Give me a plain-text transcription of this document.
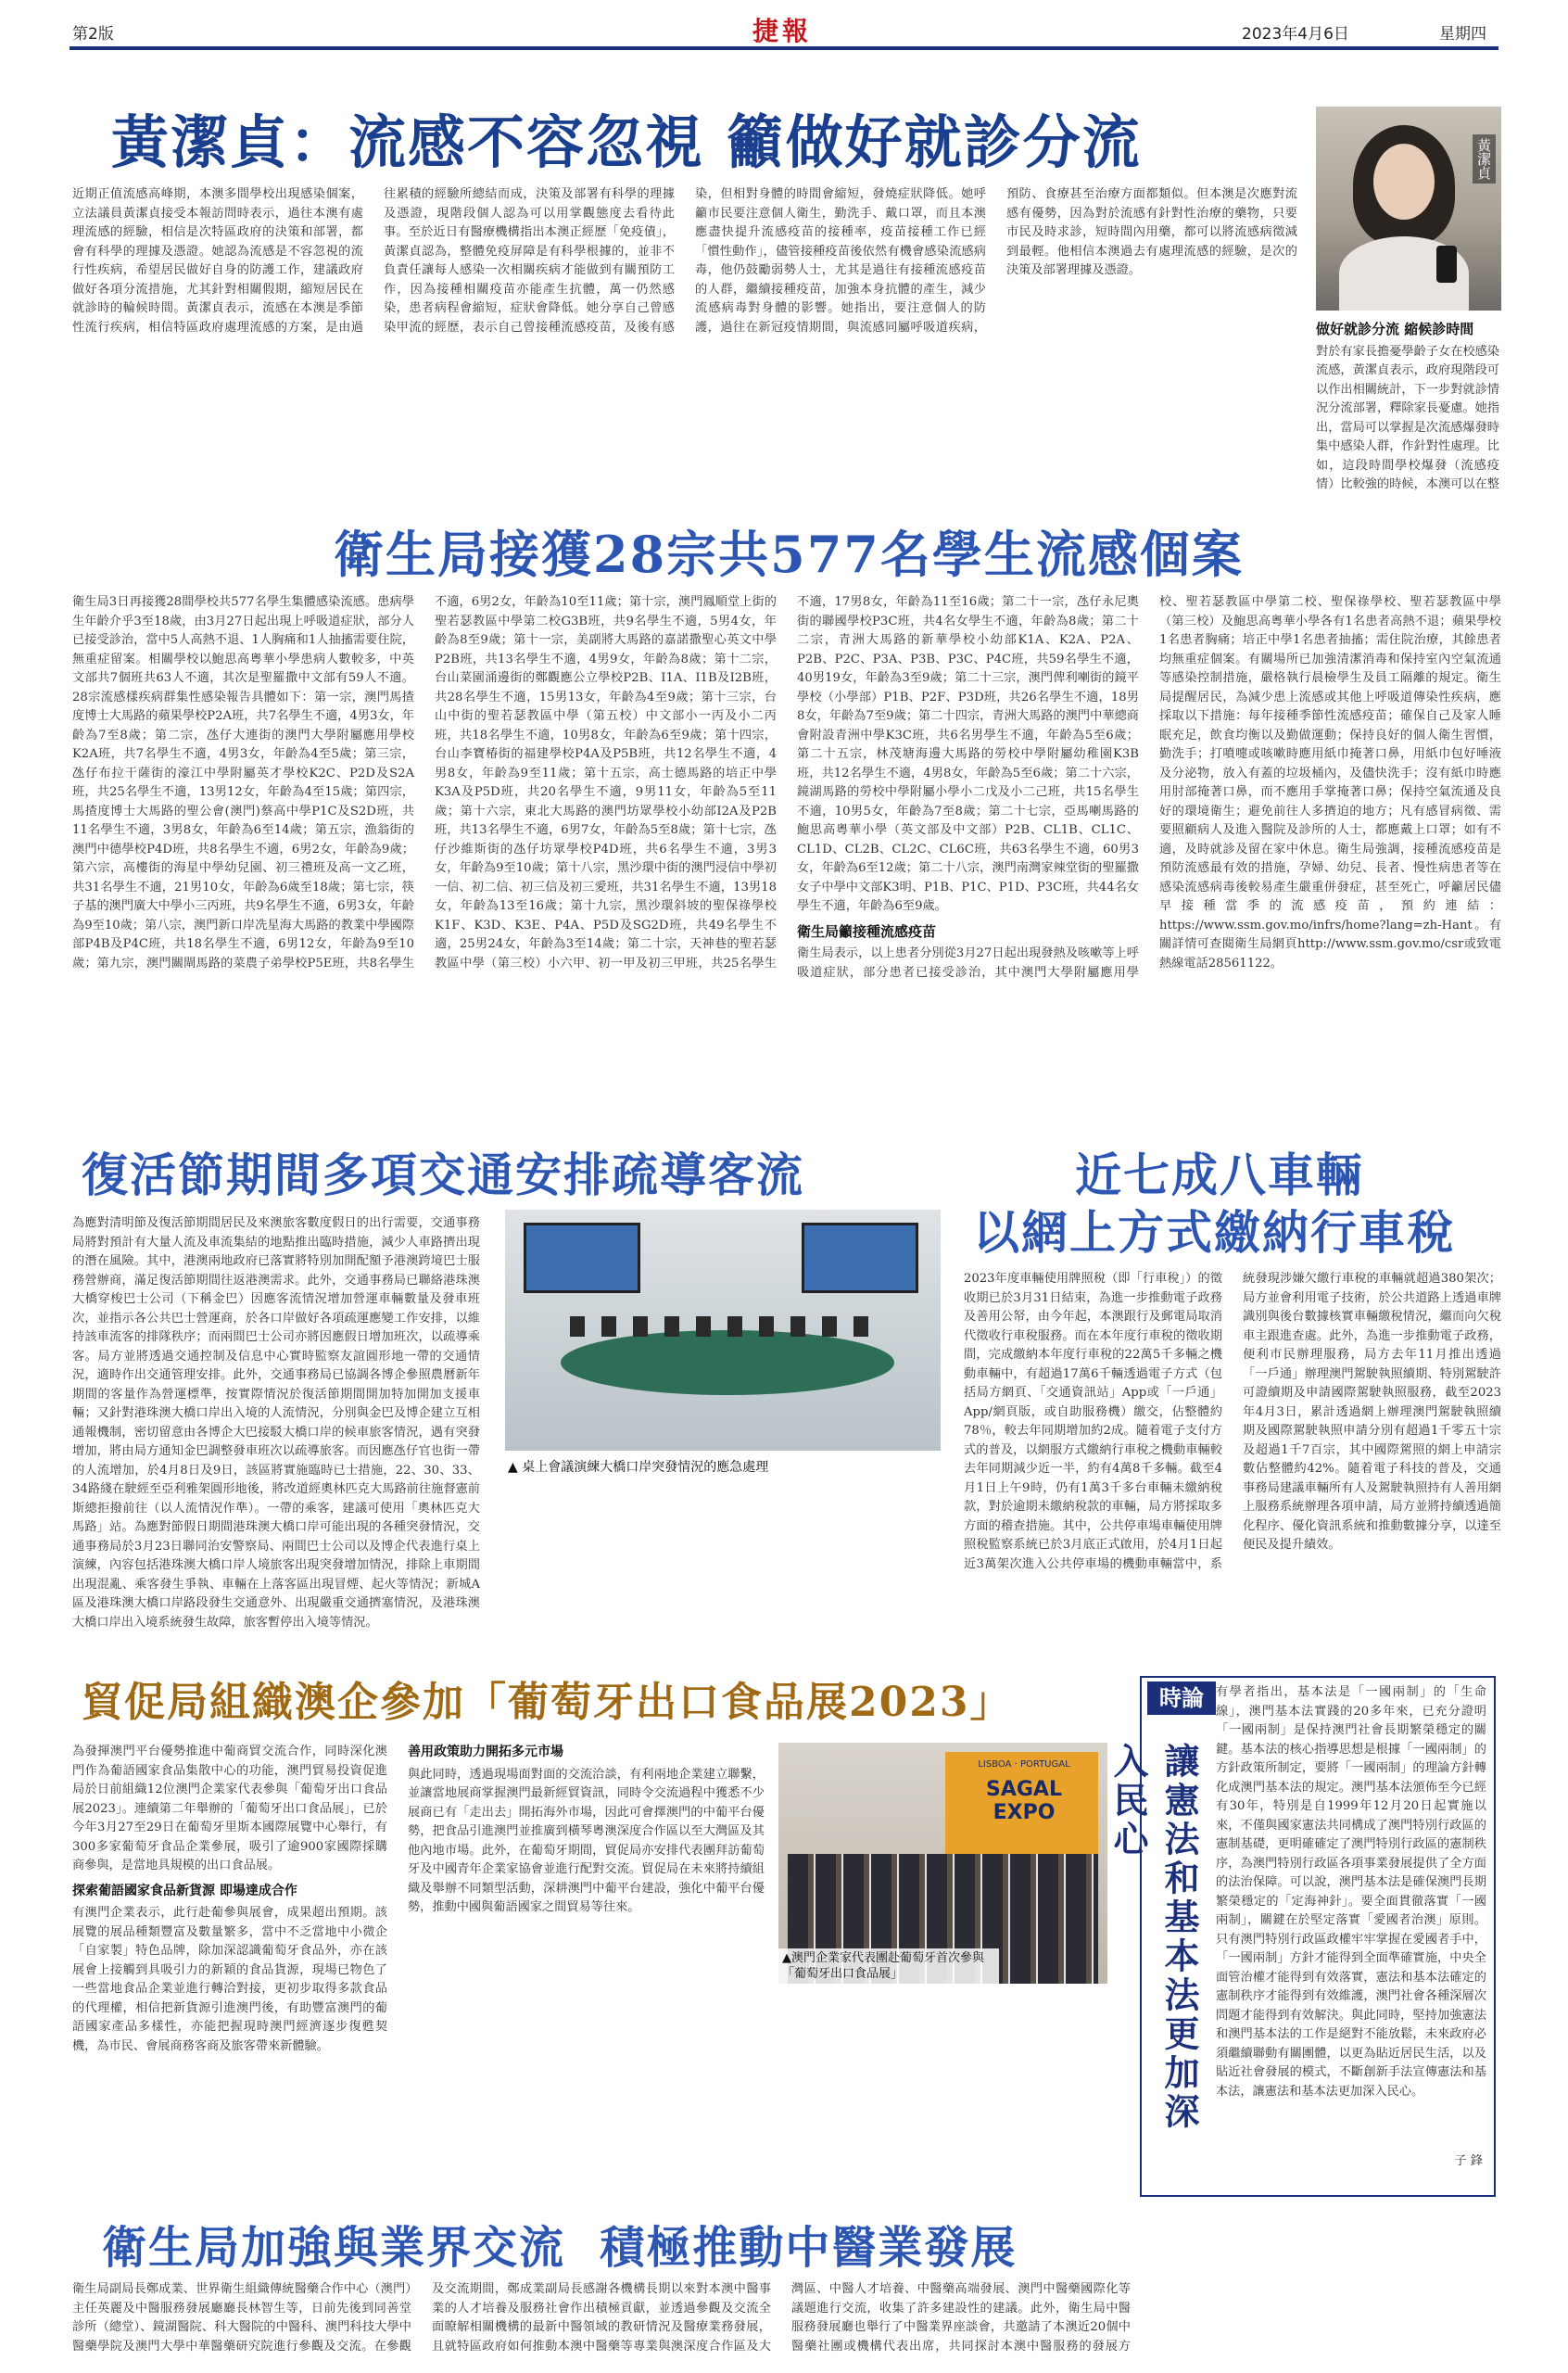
第2版	捷報	2023年4月6日	星期四
黃潔貞：流感不容忽視 籲做好就診分流	黃潔貞
近期正值流感高峰期，本澳多間學校出現感染個案，立法議員黃潔貞接受本報訪問時表示，過往本澳有處理流感的經驗，相信是次特區政府的決策和部署，都會有科學的理據及憑證。她認為流感是不容忽視的流行性疾病，希望居民做好自身的防護工作，建議政府做好各項分流措施，尤其針對相關假期，縮短居民在就診時的輪候時間。黃潔貞表示，流感在本澳是季節性流行疾病，相信特區政府處理流感的方案，是由過往累積的經驗所總結而成，決策及部署有科學的理據及憑證，現階段個人認為可以用掌觀態度去看待此事。至於近日有醫療機構指出本澳正經歷「免疫債」，黃潔貞認為，整體免疫屏障是有科學根據的，並非不負責任讓每人感染一次相關疾病才能做到有關預防工作，因為接種相關疫苗亦能產生抗體，萬一仍然感染，患者病程會縮短，症狀會降低。她分享自己曾感染甲流的經歷，表示自己曾接種流感疫苗，及後有感染，但相對身體的時間會縮短，發燒症狀降低。她呼籲市民要注意個人衛生，勤洗手、戴口罩，而且本澳應盡快提升流感疫苗的接種率，疫苗接種工作已經「慣性動作」，儘管接種疫苗後依然有機會感染流感病毒，他仍鼓勵弱勢人士，尤其是過往有接種流感疫苗的人群，繼續接種疫苗，加強本身抗體的產生，減少流感病毒對身體的影響。她指出，要注意個人的防護，過往在新冠疫情期間，與流感同屬呼吸道疾病，預防、食療甚至治療方面都類似。但本澳是次應對流感有優勢，因為對於流感有針對性治療的藥物，只要市民及時求診，短時間內用藥，都可以將流感病徵減到最輕。他相信本澳過去有處理流感的經驗，是次的決策及部署理據及憑證。
做好就診分流 縮候診時間
對於有家長擔憂學齡子女在校感染流感，黃潔貞表示，政府現階段可以作出相關統計，下一步對就診情況分流部署，釋除家長憂慮。她指出，當局可以掌握是次流感爆發時集中感染人群，作針對性處理。比如，這段時間學校爆發（流感疫情）比較強的時候，本澳可以在整
衛生局接獲28宗共577名學生流感個案
衛生局3日再接獲28間學校共577名學生集體感染流感。患病學生年齡介乎3至18歲，由3月27日起出現上呼吸道症狀，部分人已接受診治，當中5人高熱不退、1人胸痛和1人抽搐需要住院，無重症留案。相關學校以鮑思高粵華小學患病人數較多，中英文部共7個班共63人不適，其次是聖羅撒中文部有59人不適。28宗流感樣疾病群集性感染報告具體如下：第一宗，澳門馬揸度博士大馬路的蘋果學校P2A班，共7名學生不適，4男3女，年齡為7至8歲；第二宗，氹仔大連街的澳門大學附屬應用學校K2A班，共7名學生不適，4男3女，年齡為4至5歲；第三宗，氹仔布拉干薩街的濠江中學附屬英才學校K2C、P2D及S2A班，共25名學生不適，13男12女，年齡為4至15歲；第四宗，馬揸度博士大馬路的聖公會(澳門)蔡高中學P1C及S2D班，共11名學生不適，3男8女，年齡為6至14歲；第五宗，漁翁街的澳門中德學校P4D班，共8名學生不適，6男2女，年齡為9歲；第六宗，高樓街的海星中學幼兒園、初三禮班及高一文乙班，共31名學生不適，21男10女，年齡為6歲至18歲；第七宗，筷子基的澳門廣大中學小三丙班，共9名學生不適，6男3女，年齡為9至10歲；第八宗，澳門新口岸冼星海大馬路的教業中學國際部P4B及P4C班，共18名學生不適，6男12女，年齡為9至10歲；第九宗，澳門關閘馬路的菜農子弟學校P5E班，共8名學生不適，6男2女，年齡為10至11歲；第十宗，澳門鳳順堂上街的聖若瑟教區中學第二校G3B班，共9名學生不適，5男4女，年齡為8至9歲；第十一宗，美副將大馬路的嘉諾撒聖心英文中學P2B班，共13名學生不適，4男9女，年齡為8歲；第十二宗，台山菜園涌邊街的鄭觀應公立學校P2B、I1A、I1B及I2B班，共28名學生不適，15男13女，年齡為4至9歲；第十三宗，台山中街的聖若瑟教區中學（第五校）中文部小一丙及小二丙班，共18名學生不適，10男8女，年齡為6至9歲；第十四宗，台山李寶椿街的福建學校P4A及P5B班，共12名學生不適，4男8女，年齡為9至11歲；第十五宗，高士德馬路的培正中學K3A及P5D班，共20名學生不適，9男11女，年齡為5至11歲；第十六宗，東北大馬路的澳門坊眾學校小幼部I2A及P2B班，共13名學生不適，6男7女，年齡為5至8歲；第十七宗，氹仔沙維斯街的氹仔坊眾學校P4D班，共6名學生不適，3男3女，年齡為9至10歲；第十八宗，黑沙環中街的澳門浸信中學初一信、初二信、初三信及初三愛班，共31名學生不適，13男18女，年齡為13至16歲；第十九宗，黑沙環斜坡的聖保祿學校K1F、K3D、K3E、P4A、P5D及SG2D班，共49名學生不適，25男24女，年齡為3至14歲；第二十宗，天神巷的聖若瑟教區中學（第三校）小六甲、初一甲及初三甲班，共25名學生不適，17男8女，年齡為11至16歲；第二十一宗，氹仔永尼奧街的聯國學校P3C班，共4名女學生不適，年齡為8歲；第二十二宗，青洲大馬路的新華學校小幼部K1A、K2A、P2A、P2B、P2C、P3A、P3B、P3C、P4C班，共59名學生不適，40男19女，年齡為3至9歲；第二十三宗，澳門俾利喇街的鏡平學校（小學部）P1B、P2F、P3D班，共26名學生不適，18男8女，年齡為7至9歲；第二十四宗，青洲大馬路的澳門中華總商會附設青洲中學K3C班，共6名男學生不適，年齡為5至6歲；第二十五宗，林茂塘海邊大馬路的勞校中學附屬幼稚園K3B班，共12名學生不適，4男8女，年齡為5至6歲；第二十六宗，鏡湖馬路的勞校中學附屬小學小二戊及小二己班，共15名學生不適，10男5女，年齡為7至8歲；第二十七宗，亞馬喇馬路的鮑思高粵華小學（英文部及中文部）P2B、CL1B、CL1C、CL1D、CL2B、CL2C、CL6C班，共63名學生不適，60男3女，年齡為6至12歲；第二十八宗，澳門南灣家辣堂街的聖羅撒女子中學中文部K3明、P1B、P1C、P1D、P3C班，共44名女學生不適，年齡為6至9歲。
衛生局籲接種流感疫苗
衛生局表示，以上患者分別從3月27日起出現發熱及咳嗽等上呼吸道症狀，部分患者已接受診治，其中澳門大學附屬應用學校、聖若瑟教區中學第二校、聖保祿學校、聖若瑟教區中學（第三校）及鮑思高粵華小學各有1名患者高熱不退；蘋果學校1名患者胸痛；培正中學1名患者抽搐；需住院治療，其餘患者均無重症個案。有關場所已加強清潔消毒和保持室內空氣流通等感染控制措施，嚴格執行晨檢學生及員工隔離的規定。衛生局提醒居民，為減少患上流感或其他上呼吸道傳染性疾病，應採取以下措施：每年接種季節性流感疫苗；確保自己及家人睡眠充足，飲食均衡以及勤做運動；保持良好的個人衛生習慣，勤洗手；打噴嚏或咳嗽時應用紙巾掩著口鼻，用紙巾包好唾液及分泌物，放入有蓋的垃圾桶內，及儘快洗手；沒有紙巾時應用肘部掩著口鼻，而不應用手掌掩著口鼻；保持空氣流通及良好的環境衛生；避免前往人多擠迫的地方；凡有感冒病徵、需要照顧病人及進入醫院及診所的人士，都應戴上口罩；如有不適，及時就診及留在家中休息。衛生局強調，接種流感疫苗是預防流感最有效的措施，孕婦、幼兒、長者、慢性病患者等在感染流感病毒後較易產生嚴重併發症，甚至死亡，呼籲居民儘早接種當季的流感疫苗，預約連結：https://www.ssm.gov.mo/infrs/home?lang=zh-Hant。有關詳情可查閱衛生局網頁http://www.ssm.gov.mo/csr或致電熱線電話28561122。
復活節期間多項交通安排疏導客流
為應對清明節及復活節期間居民及來澳旅客數度假日的出行需要，交通事務局將對預計有大量人流及車流集結的地點推出臨時措施，減少人車路擠出現的潛在風險。其中，港澳兩地政府已落實將特別加開配額予港澳跨境巴士服務營辦商，滿足復活節期間往返港澳需求。此外，交通事務局已聯絡港珠澳大橋穿梭巴士公司（下稱金巴）因應客流情況增加營運車輛數量及發車班次，並指示各公共巴士營運商，於各口岸做好各項疏運應變工作安排，以維持該車流客的排隊秩序；而兩間巴士公司亦將因應假日增加班次，以疏導乘客。局方並將透過交通控制及信息中心實時監察友誼圓形地一帶的交通情況，適時作出交通管理安排。此外，交通事務局已協調各博企參照農曆新年期間的客量作為營運標準，按實際情況於復活節期間開加特加開加支援車輛；又針對港珠澳大橋口岸出入境的人流情況，分別與金巴及博企建立互相通報機制，密切留意由各博企大巴接駁大橋口岸的候車旅客情況，遇有突發增加，將由局方通知金巴調整發車班次以疏導旅客。而因應氹仔官也街一帶的人流增加，於4月8日及9日，該區將實施臨時已士措施，22、30、33、34路綫在駛經至亞利雅架圓形地後，將改道經奧林匹克大馬路前往施督憲前斯總拒撥前往（以人流情況作準）。一帶的乘客，建議可使用「奧林匹克大馬路」站。為應對節假日期間港珠澳大橋口岸可能出現的各種突發情況，交通事務局於3月23日聯同治安警察局、兩間巴士公司以及博企代表進行桌上演練，內容包括港珠澳大橋口岸人境旅客出現突發增加情況，排除上車期間出現混亂、乘客發生爭執、車輛在上落客區出現冒煙、起火等情況；新城A區及港珠澳大橋口岸路段發生交通意外、出現嚴重交通擠塞情況，及港珠澳大橋口岸出入境系統發生故障，旅客暫停出入境等情況。
▲ 桌上會議演練大橋口岸突發情況的應急處理
近七成八車輛
以網上方式繳納行車稅
2023年度車輛使用牌照稅（即「行車稅」）的徵收期已於3月31日結束，為進一步推動電子政務及善用公帑，由今年起，本澳跟行及郵電局取消代徵收行車稅服務。而在本年度行車稅的徵收期間，完成繳納本年度行車稅的22萬5千多輛之機動車輛中，有超過17萬6千輛透過電子方式（包括局方網頁、「交通資訊站」App或「一戶通」App/網頁版，或自助服務機）繳交，佔整體約78％，較去年同期增加約2成。隨着電子支付方式的普及，以網服方式繳納行車稅之機動車輛較去年同期減少近一半，約有4萬8千多輛。截至4月1日上午9時，仍有1萬3千多台車輛未繳納稅款，對於逾期未繳納稅款的車輛，局方將採取多方面的稽查措施。其中，公共停車場車輛使用牌照稅監察系統已於3月底正式啟用，於4月1日起近3萬架次進入公共停車場的機動車輛當中，系統發現涉嫌欠繳行車稅的車輛就超過380架次；局方並會利用電子技術，於公共道路上透過車牌識別與後台數據核實車輛繳稅情況，繼而向欠稅車主跟進查處。此外，為進一步推動電子政務，便利市民辦理服務，局方去年11月推出透過「一戶通」辦理澳門駕駛執照續期、特別駕駛許可證續期及申請國際駕駛執照服務，截至2023年4月3日，累計透過網上辦理澳門駕駛執照續期及國際駕駛執照申請分別有超過1千零五十宗及超過1千7百宗，其中國際駕照的網上申請宗數佔整體約42%。隨着電子科技的普及，交通事務局建議車輛所有人及駕駛執照持有人善用網上服務系統辦理各項申請，局方並將持續透過簡化程序、優化資訊系統和推動數據分享，以達至便民及提升績效。
貿促局組織澳企參加「葡萄牙出口食品展2023」
為發揮澳門平台優勢推進中葡商貿交流合作，同時深化澳門作為葡語國家食品集散中心的功能，澳門貿易投資促進局於日前組織12位澳門企業家代表參與「葡萄牙出口食品展2023」。連續第二年舉辦的「葡萄牙出口食品展」，已於今年3月27至29日在葡萄牙里斯本國際展覽中心舉行，有300多家葡萄牙食品企業參展，吸引了逾900家國際採購商參與，是當地具規模的出口食品展。
探索葡語國家食品新貨源 即場達成合作
有澳門企業表示，此行赴葡參與展會，成果超出預期。該展覽的展品種類豐富及數量繁多，當中不乏當地中小微企「自家製」特色品牌，除加深認識葡萄牙食品外，亦在該展會上接觸到具吸引力的新穎的食品貨源，現場已物色了一些當地食品企業並進行轉洽對接，更初步取得多款食品的代理權，相信把新貨源引進澳門後，有助豐富澳門的葡語國家產品多樣性，亦能把握現時澳門經濟逐步復甦契機，為市民、會展商務客商及旅客帶來新體驗。
善用政策助力開拓多元市場
與此同時，透過現場面對面的交流洽談，有利兩地企業建立聯繫，並讓當地展商掌握澳門最新經貿資訊，同時令交流過程中獲悉不少展商已有「走出去」開拓海外市場，因此可會擇澳門的中葡平台優勢，把食品引進澳門並推廣到橫琴粵澳深度合作區以至大灣區及其他內地市場。此外，在葡萄牙期間，貿促局亦安排代表團拜訪葡萄牙及中國青年企業家協會並進行配對交流。貿促局在未來將持續組織及舉辦不同類型活動，深耕澳門中葡平台建設，強化中葡平台優勢，推動中國與葡語國家之間貿易等往來。
SAGAL EXPO
LISBOA · PORTUGAL
▲澳門企業家代表團赴葡萄牙首次參與「葡萄牙出口食品展」
時論
讓憲法和基本法更加深入民心
有學者指出，基本法是「一國兩制」的「生命線」，澳門基本法實踐的20多年來，已充分證明「一國兩制」是保持澳門社會長期繁榮穩定的關鍵。基本法的核心指導思想是根據「一國兩制」的方針政策所制定，要將「一國兩制」的理論方針轉化成澳門基本法的規定。澳門基本法頒佈至今已經有30年，特別是自1999年12月20日起實施以來，不僅與國家憲法共同構成了澳門特別行政區的憲制基礎，更明確確定了澳門特別行政區的憲制秩序，為澳門特別行政區各項事業發展提供了全方面的法治保障。可以說，澳門基本法是確保澳門長期繁榮穩定的「定海神針」。要全面貫徹落實「一國兩制」，關鍵在於堅定落實「愛國者治澳」原則。只有澳門特別行政區政權牢牢掌握在愛國者手中，「一國兩制」方針才能得到全面準確實施，中央全面管治權才能得到有效落實，憲法和基本法確定的憲制秩序才能得到有效維護，澳門社會各種深層次問題才能得到有效解決。與此同時，堅持加強憲法和澳門基本法的工作是絕對不能放鬆，未來政府必須繼續聯動有關團體，以更為貼近居民生活，以及貼近社會發展的模式，不斷創新手法宣傳憲法和基本法，讓憲法和基本法更加深入民心。
子 鋒
衛生局加強與業界交流  積極推動中醫業發展
衛生局副局長鄭成業、世界衛生組織傳統醫藥合作中心（澳門）主任英麗及中醫服務發展廳廳長林智生等，日前先後到同善堂診所（總堂）、鏡湖醫院、科大醫院的中醫科、澳門科技大學中醫藥學院及澳門大學中華醫藥研究院進行參觀及交流。在參觀及交流期間，鄭成業副局長感謝各機構長期以來對本澳中醫事業的人才培養及服務社會作出積極貢獻，並透過參觀及交流全面瞭解相關機構的最新中醫領域的教研情況及醫療業務發展，且就特區政府如何推動本澳中醫藥等專業與澳深度合作區及大灣區、中醫人才培養、中醫藥高端發展、澳門中醫藥國際化等議題進行交流，收集了許多建設性的建議。此外，衛生局中醫服務發展廳也舉行了中醫業界座談會，共邀請了本澳近20個中醫藥社團或機構代表出席，共同探討本澳中醫服務的發展方
